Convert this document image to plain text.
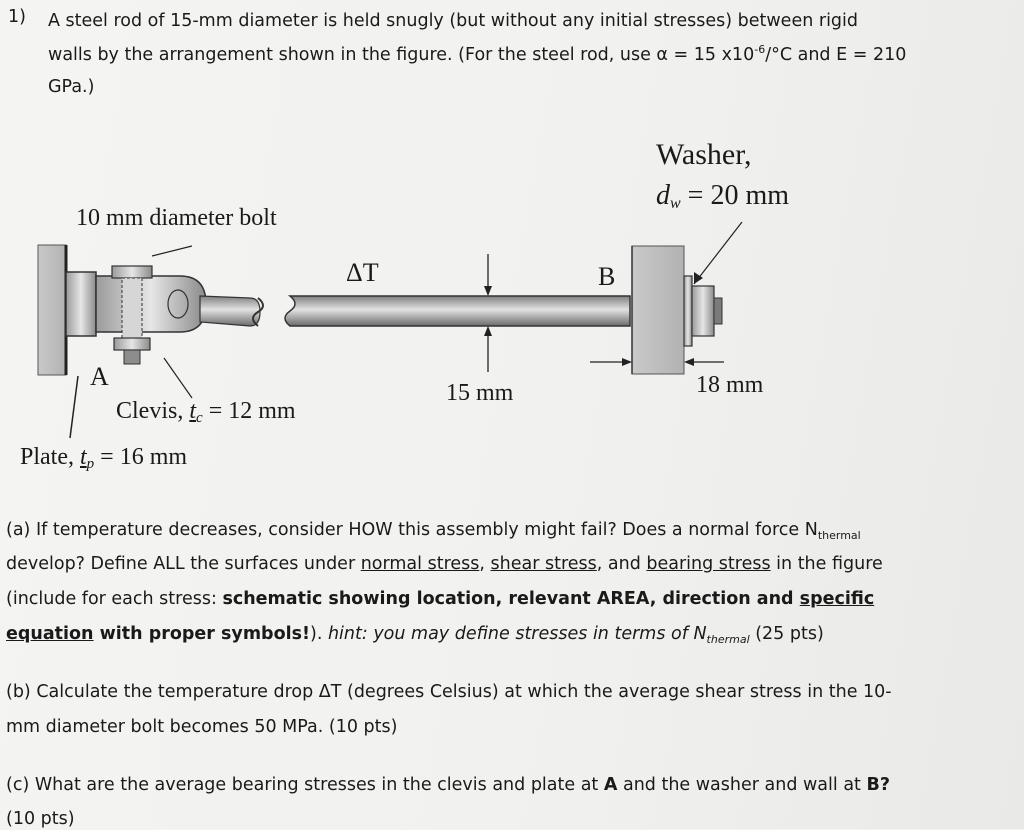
1) A steel rod of 15-mm diameter is held snugly (but without any initial stresses) between rigid
walls by the arrangement shown in the figure. (For the steel rod, use α = 15 $x10^{-6}/^\circ C$ and E = 210
GPa.)
10 mm diameter bolt
ΔT	B
A
Washer,
dw = 20 mm
15 mm	18 mm
Clevis, tc = 12 mm
Plate, tp = 16 mm
(a) If temperature decreases, consider HOW this assembly might fail? Does a normal force $N_{thermal}$
develop? Define ALL the surfaces under normal stress, shear stress, and bearing stress in the figure
(include for each stress: schematic showing location, relevant AREA, direction and specific
equation with proper symbols!). hint: you may define stresses in terms of $N_{thermal}$ (25 pts)
(b) Calculate the temperature drop ΔT (degrees Celsius) at which the average shear stress in the 10-
mm diameter bolt becomes 50 MPa. (10 pts)
(c) What are the average bearing stresses in the clevis and plate at A and the washer and wall at B?
(10 pts)
